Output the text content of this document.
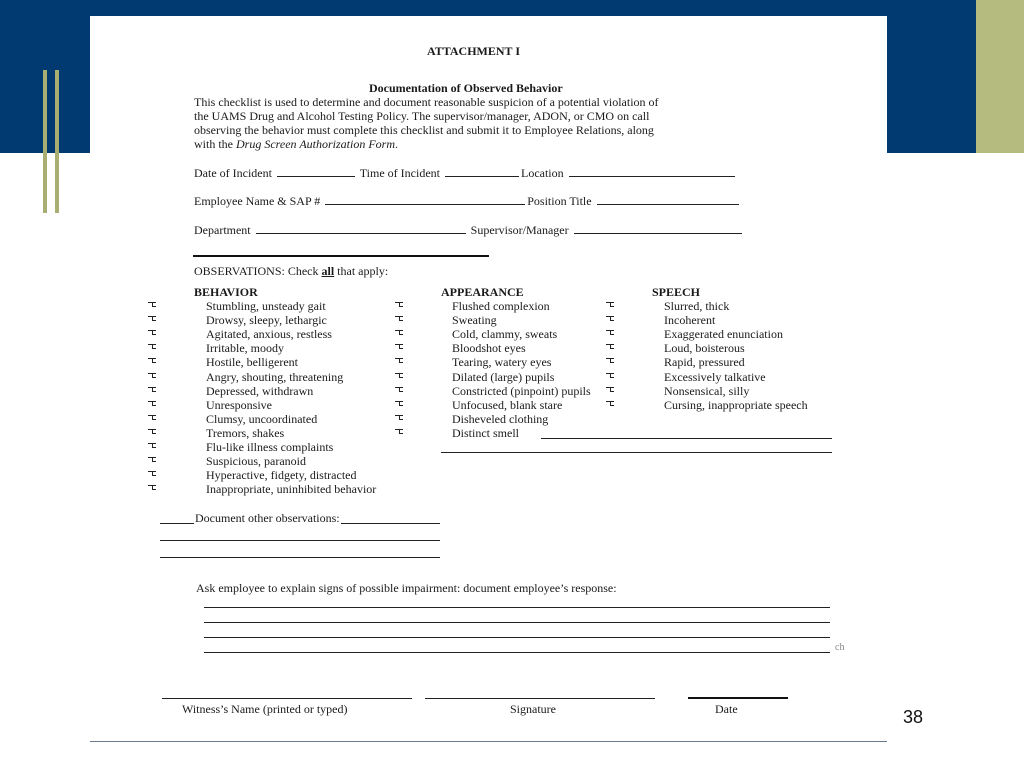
ATTACHMENT I
Documentation of Observed Behavior
This checklist is used to determine and document reasonable suspicion of a potential violation of
the UAMS Drug and Alcohol Testing Policy. The supervisor/manager, ADON, or CMO on call
observing the behavior must complete this checklist and submit it to Employee Relations, along
with the Drug Screen Authorization Form.
Date of Incident	Time of Incident	Location
Employee Name & SAP #	Position Title
Department	Supervisor/Manager
OBSERVATIONS: Check all that apply:
BEHAVIOR	APPEARANCE	SPEECH
Stumbling, unsteady gait
Drowsy, sleepy, lethargic
Agitated, anxious, restless
Irritable, moody
Hostile, belligerent
Angry, shouting, threatening
Depressed, withdrawn
Unresponsive
Clumsy, uncoordinated
Tremors, shakes
Flu-like illness complaints
Suspicious, paranoid
Hyperactive, fidgety, distracted
Inappropriate, uninhibited behavior
Flushed complexion
Sweating
Cold, clammy, sweats
Bloodshot eyes
Tearing, watery eyes
Dilated (large) pupils
Constricted (pinpoint) pupils
Unfocused, blank stare
Disheveled clothing
Distinct smell
Slurred, thick
Incoherent
Exaggerated enunciation
Loud, boisterous
Rapid, pressured
Excessively talkative
Nonsensical, silly
Cursing, inappropriate speech
Document other observations:
Ask employee to explain signs of possible impairment: document employee’s response:
ch
Witness’s Name (printed or typed)	Signature	Date	38
